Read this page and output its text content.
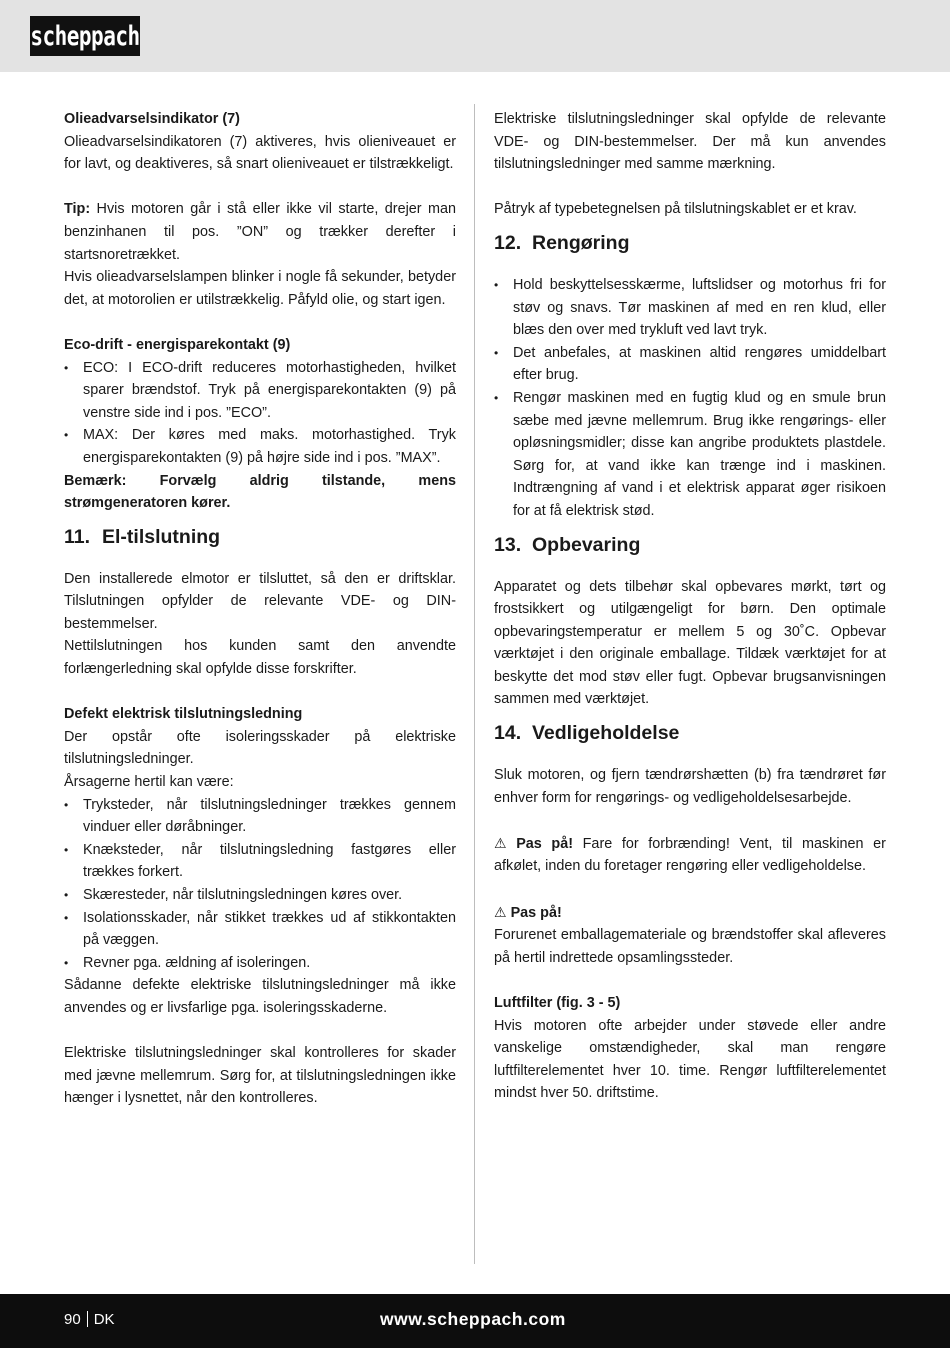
scheppach

Olieadvarselsindikator (7)

Olieadvarselsindikatoren (7) aktiveres, hvis olieniveauet er for lavt, og deaktiveres, så snart olieniveauet er tilstrækkeligt.

Tip: Hvis motoren går i stå eller ikke vil starte, drejer man benzinhanen til pos. ”ON” og trækker derefter i startsnoretrækket.

Hvis olieadvarselslampen blinker i nogle få sekunder, betyder det, at motorolien er utilstrækkelig. Påfyld olie, og start igen.

Eco-drift - energisparekontakt (9)

• ECO: I ECO-drift reduceres motorhastigheden, hvilket sparer brændstof. Tryk på energisparekontakten (9) på venstre side ind i pos. ”ECO”.
• MAX: Der køres med maks. motorhastighed. Tryk energisparekontakten (9) på højre side ind i pos. ”MAX”.

Bemærk: Forvælg aldrig tilstande, mens strømgeneratoren kører.

11. El-tilslutning

Den installerede elmotor er tilsluttet, så den er driftsklar. Tilslutningen opfylder de relevante VDE- og DIN-bestemmelser.

Nettilslutningen hos kunden samt den anvendte forlængerledning skal opfylde disse forskrifter.

Defekt elektrisk tilslutningsledning

Der opstår ofte isoleringsskader på elektriske tilslutningsledninger.

Årsagerne hertil kan være:

• Tryksteder, når tilslutningsledninger trækkes gennem vinduer eller døråbninger.
• Knæksteder, når tilslutningsledning fastgøres eller trækkes forkert.
• Skæresteder, når tilslutningsledningen køres over.
• Isolationsskader, når stikket trækkes ud af stikkontakten på væggen.
• Revner pga. ældning af isoleringen.

Sådanne defekte elektriske tilslutningsledninger må ikke anvendes og er livsfarlige pga. isoleringsskaderne.

Elektriske tilslutningsledninger skal kontrolleres for skader med jævne mellemrum. Sørg for, at tilslutningsledningen ikke hænger i lysnettet, når den kontrolleres.

Elektriske tilslutningsledninger skal opfylde de relevante VDE- og DIN-bestemmelser. Der må kun anvendes tilslutningsledninger med samme mærkning.

Påtryk af typebetegnelsen på tilslutningskablet er et krav.

12. Rengøring
• Hold beskyttelsesskærme, luftslidser og motorhus fri for støv og snavs. Tør maskinen af med en ren klud, eller blæs den over med trykluft ved lavt tryk.
• Det anbefales, at maskinen altid rengøres umiddelbart efter brug.
• Rengør maskinen med en fugtig klud og en smule brun sæbe med jævne mellemrum. Brug ikke rengørings- eller opløsningsmidler; disse kan angribe produktets plastdele. Sørg for, at vand ikke kan trænge ind i maskinen. Indtrængning af vand i et elektrisk apparat øger risikoen for at få elektrisk stød.
13. Opbevaring

Apparatet og dets tilbehør skal opbevares mørkt, tørt og frostsikkert og utilgængeligt for børn. Den optimale opbevaringstemperatur er mellem 5 og 30˚C. Opbevar værktøjet i den originale emballage. Tildæk værktøjet for at beskytte det mod støv eller fugt. Opbevar brugsanvisningen sammen med værktøjet.

14. Vedligeholdelse

Sluk motoren, og fjern tændrørshætten (b) fra tændrøret før enhver form for rengørings- og vedligeholdelsesarbejde.

⚠ Pas på! Fare for forbrænding! Vent, til maskinen er afkølet, inden du foretager rengøring eller vedligeholdelse.

⚠ Pas på!

Forurenet emballagemateriale og brændstoffer skal afleveres på hertil indrettede opsamlingssteder.

Luftfilter (fig. 3 - 5)

Hvis motoren ofte arbejder under støvede eller andre vanskelige omstændigheder, skal man rengøre luftfilterelementet hver 10. time. Rengør luftfilterelementet mindst hver 50. driftstime.

90 DK	www.scheppach.com
